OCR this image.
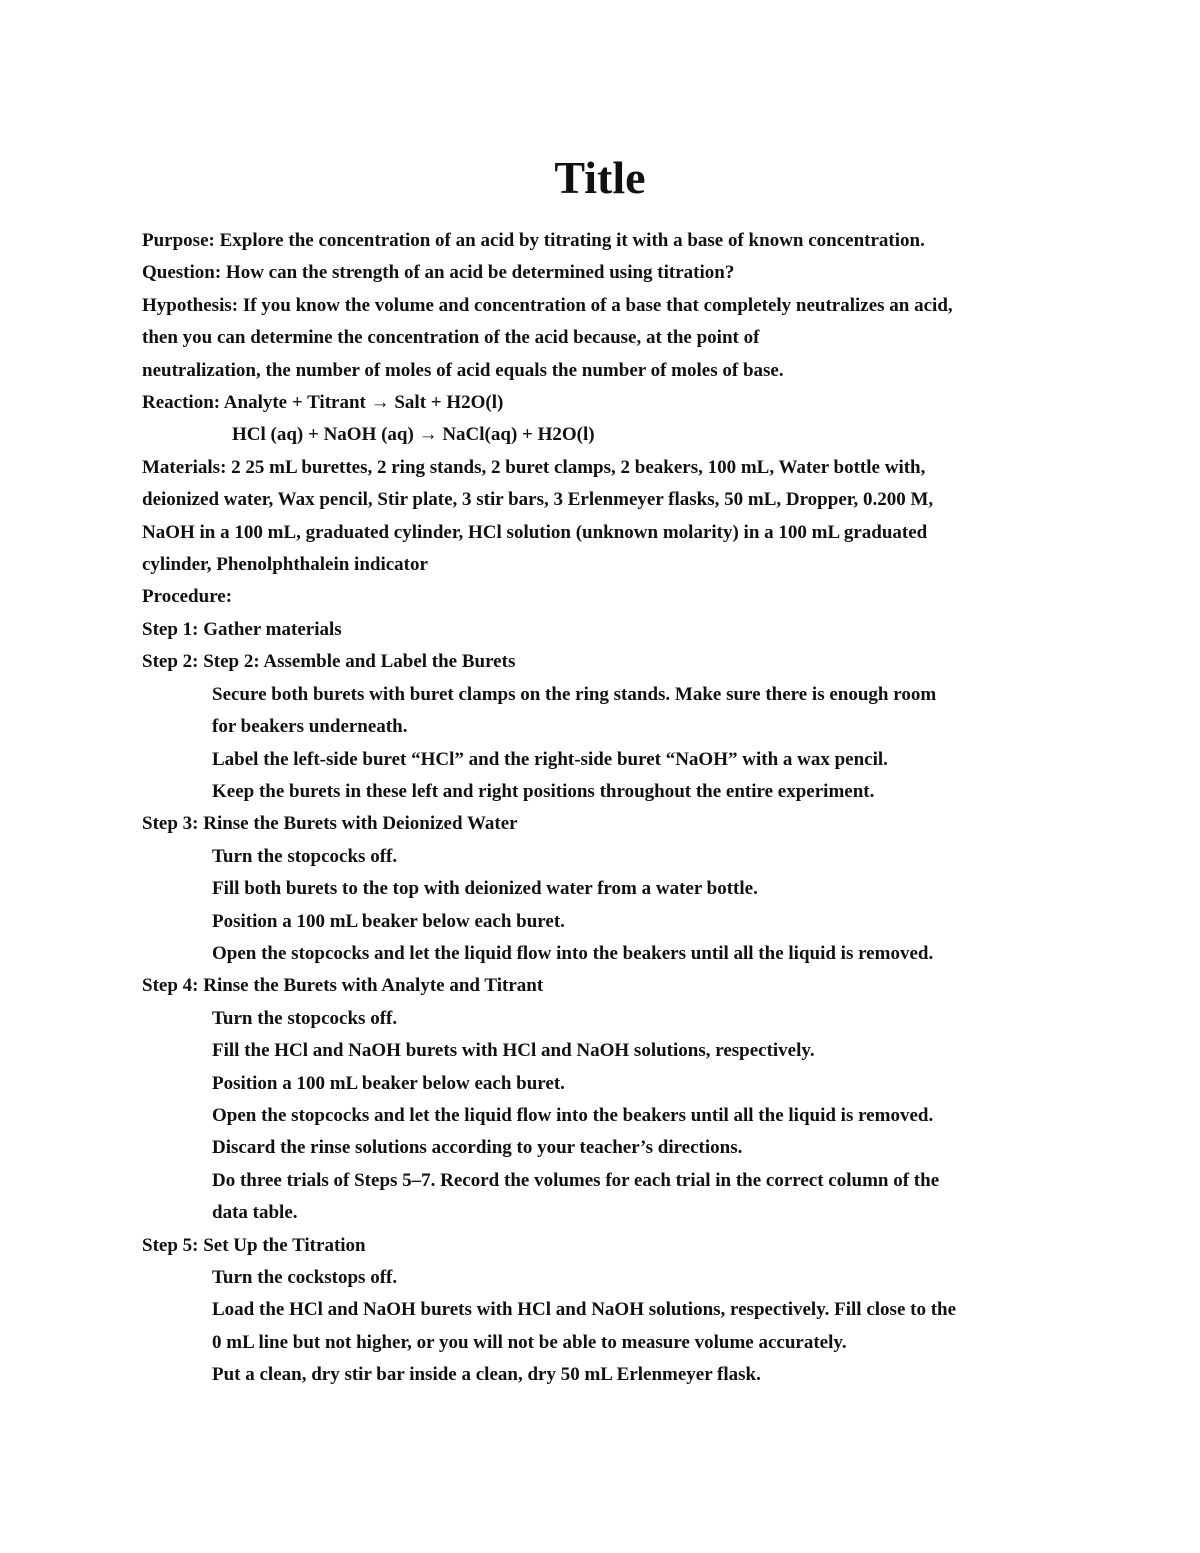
Title

Purpose: Explore the concentration of an acid by titrating it with a base of known concentration.

Question: How can the strength of an acid be determined using titration?

Hypothesis: If you know the volume and concentration of a base that completely neutralizes an acid,

then you can determine the concentration of the acid because, at the point of

neutralization, the number of moles of acid equals the number of moles of base.

Reaction: Analyte + Titrant → Salt + H2O(l)

HCl (aq) + NaOH (aq) → NaCl(aq) + H2O(l)

Materials: 2 25 mL burettes, 2 ring stands, 2 buret clamps, 2 beakers, 100 mL, Water bottle with,

deionized water, Wax pencil, Stir plate, 3 stir bars, 3 Erlenmeyer flasks, 50 mL, Dropper, 0.200 M,

NaOH in a 100 mL, graduated cylinder, HCl solution (unknown molarity) in a 100 mL graduated

cylinder, Phenolphthalein indicator

Procedure:

Step 1: Gather materials

Step 2: Step 2: Assemble and Label the Burets

Secure both burets with buret clamps on the ring stands. Make sure there is enough room

for beakers underneath.

Label the left-side buret “HCl” and the right-side buret “NaOH” with a wax pencil.

Keep the burets in these left and right positions throughout the entire experiment.

Step 3: Rinse the Burets with Deionized Water

Turn the stopcocks off.

Fill both burets to the top with deionized water from a water bottle.

Position a 100 mL beaker below each buret.

Open the stopcocks and let the liquid flow into the beakers until all the liquid is removed.

Step 4: Rinse the Burets with Analyte and Titrant

Turn the stopcocks off.

Fill the HCl and NaOH burets with HCl and NaOH solutions, respectively.

Position a 100 mL beaker below each buret.

Open the stopcocks and let the liquid flow into the beakers until all the liquid is removed.

Discard the rinse solutions according to your teacher’s directions.

Do three trials of Steps 5–7. Record the volumes for each trial in the correct column of the

data table.

Step 5: Set Up the Titration

Turn the cockstops off.

Load the HCl and NaOH burets with HCl and NaOH solutions, respectively. Fill close to the

0 mL line but not higher, or you will not be able to measure volume accurately.

Put a clean, dry stir bar inside a clean, dry 50 mL Erlenmeyer flask.
